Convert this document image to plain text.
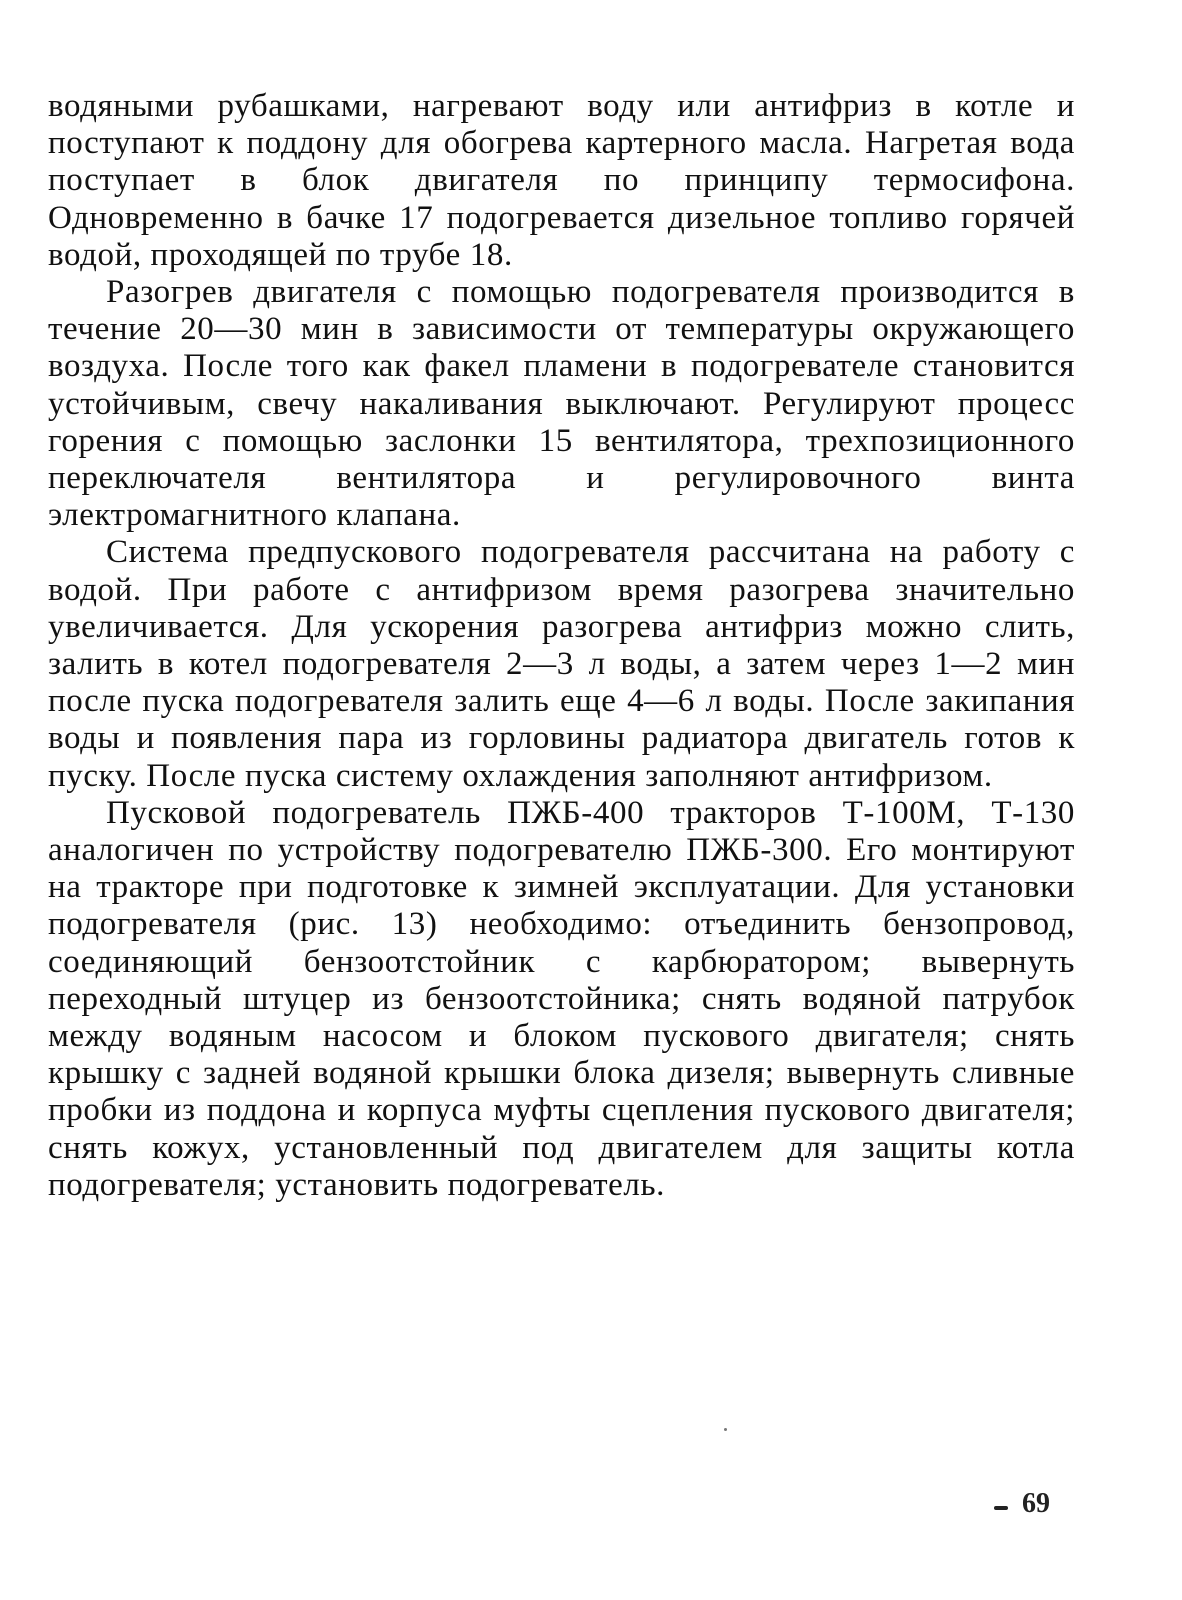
водяными рубашками, нагревают воду или антифриз в котле и поступают к поддону для обогрева картерного масла. Нагретая вода поступает в блок двигателя по принципу термосифона. Одновременно в бачке 17 подогревается дизельное топливо горячей водой, проходящей по трубе 18.

Разогрев двигателя с помощью подогревателя производится в течение 20—30 мин в зависимости от температуры окружающего воздуха. После того как факел пламени в подогревателе становится устойчивым, свечу накаливания выключают. Регулируют процесс горения с помощью заслонки 15 вентилятора, трехпозиционного переключателя вентилятора и регулировочного винта электромагнитного клапана.

Система предпускового подогревателя рассчитана на работу с водой. При работе с антифризом время разогрева значительно увеличивается. Для ускорения разогрева антифриз можно слить, залить в котел подогревателя 2—3 л воды, а затем через 1—2 мин после пуска подогревателя залить еще 4—6 л воды. После закипания воды и появления пара из горловины радиатора двигатель готов к пуску. После пуска систему охлаждения заполняют антифризом.

Пусковой подогреватель ПЖБ-400 тракторов Т-100М, Т-130 аналогичен по устройству подогревателю ПЖБ-300. Его монтируют на тракторе при подготовке к зимней эксплуатации. Для установки подогревателя (рис. 13) необходимо: отъединить бензопровод, соединяющий бензоотстойник с карбюратором; вывернуть переходный штуцер из бензоотстойника; снять водяной патрубок между водяным насосом и блоком пускового двигателя; снять крышку с задней водяной крышки блока дизеля; вывернуть сливные пробки из поддона и корпуса муфты сцепления пускового двигателя; снять кожух, установленный под двигателем для защиты котла подогревателя; установить подогреватель.

69
